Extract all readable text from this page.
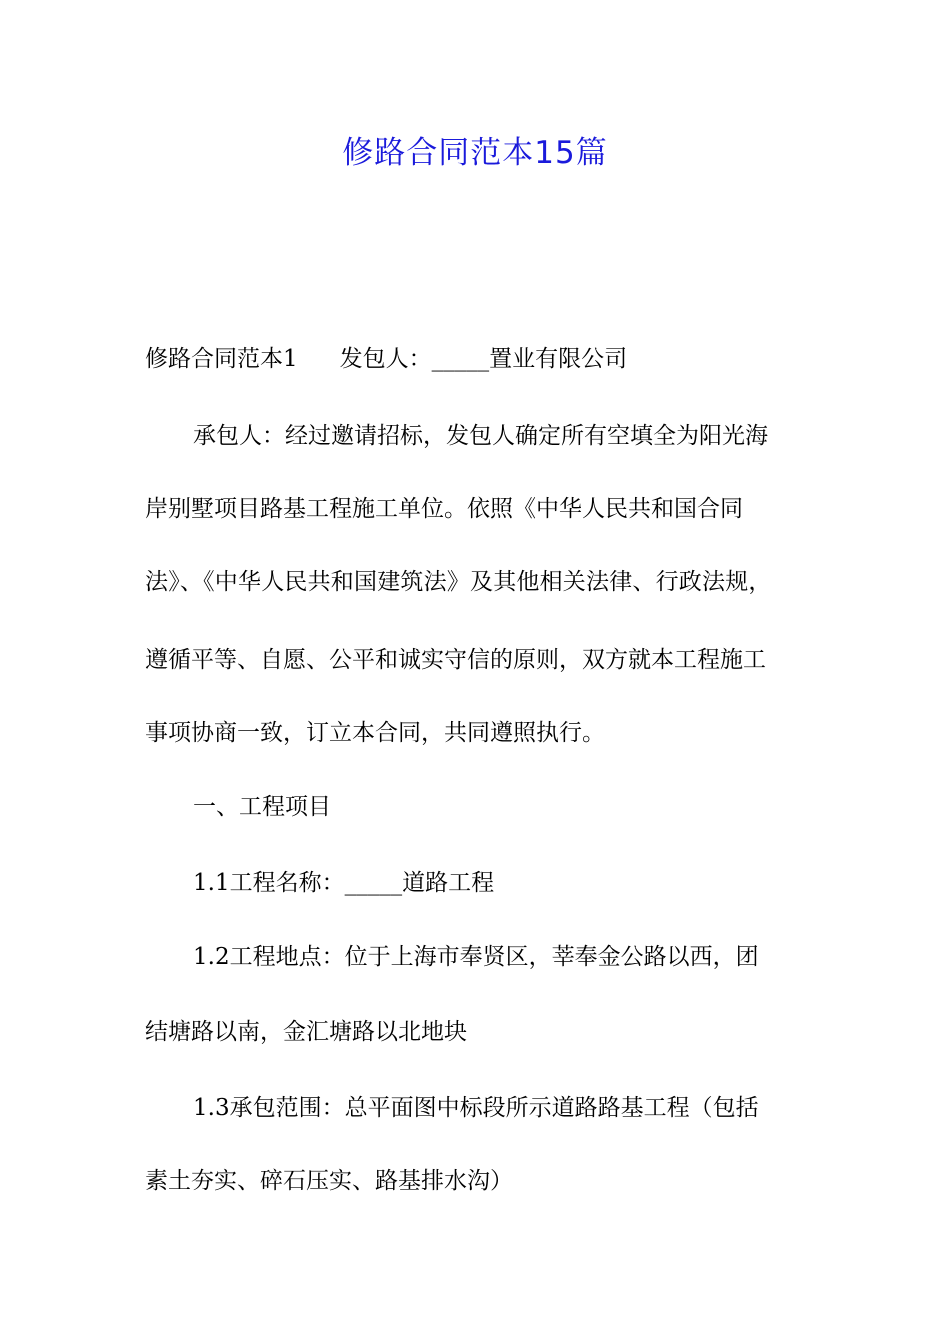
修路合同范本15篇
修路合同范本1 发包人：_____置业有限公司
承包人：经过邀请招标，发包人确定所有空填全为阳光海
岸别墅项目路基工程施工单位。依照《中华人民共和国合同
法》、《中华人民共和国建筑法》及其他相关法律、行政法规，
遵循平等、自愿、公平和诚实守信的原则，双方就本工程施工
事项协商一致，订立本合同，共同遵照执行。
一、工程项目
1.1工程名称：_____道路工程
1.2工程地点：位于上海市奉贤区，莘奉金公路以西，团
结塘路以南，金汇塘路以北地块
1.3承包范围：总平面图中标段所示道路路基工程（包括
素土夯实、碎石压实、路基排水沟）
